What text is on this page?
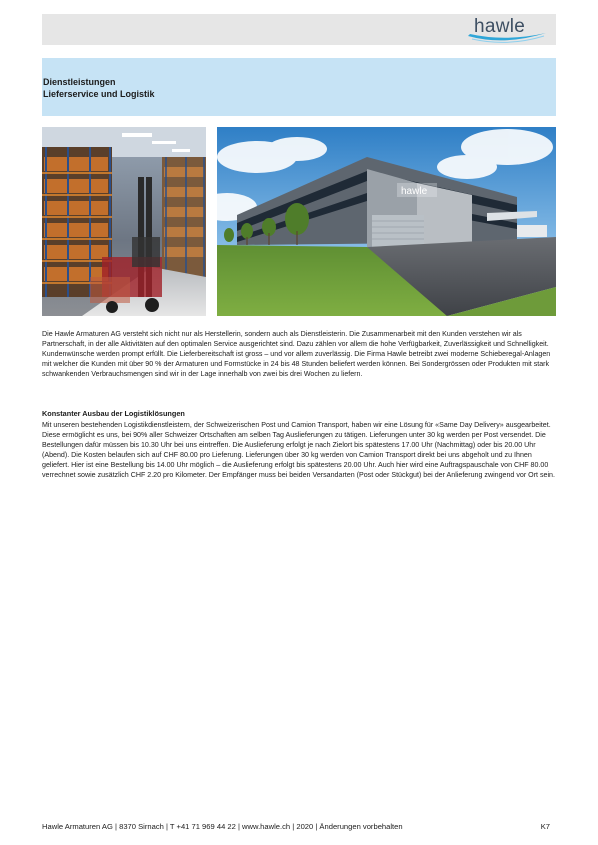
hawle
Dienstleistungen
Lieferservice und Logistik
hawle
Die Hawle Armaturen AG versteht sich nicht nur als Herstellerin, sondern auch als Dienstleisterin. Die Zusammenarbeit mit den Kunden verstehen wir als Partnerschaft, in der alle Aktivitäten auf den optimalen Service ausgerichtet sind. Dazu zählen vor allem die hohe Verfügbarkeit, Zuverlässigkeit und Schnelligkeit. Kundenwünsche werden prompt erfüllt. Die Lieferbereitschaft ist gross – und vor allem zuverlässig. Die Firma Hawle betreibt zwei moderne Schieberegal-Anlagen mit welcher die Kunden mit über 90 % der Armaturen und Formstücke in 24 bis 48 Stunden beliefert werden können. Bei Sondergrössen oder Produkten mit stark schwankenden Verbrauchsmengen sind wir in der Lage innerhalb von zwei bis drei Wochen zu liefern.
Konstanter Ausbau der Logistiklösungen
Mit unseren bestehenden Logistikdienstleistern, der Schweizerischen Post und Camion Transport, haben wir eine Lösung für «Same Day Delivery» ausgearbeitet. Diese ermöglicht es uns, bei 90% aller Schweizer Ortschaften am selben Tag Auslieferungen zu tätigen. Lieferungen unter 30 kg werden per Post versendet. Die Bestellungen dafür müssen bis 10.30 Uhr bei uns eintreffen. Die Auslieferung erfolgt je nach Zielort bis spätestens 17.00 Uhr (Nachmittag) oder bis 20.00 Uhr (Abend). Die Kosten belaufen sich auf CHF 80.00 pro Lieferung. Lieferungen über 30 kg werden von Camion Transport direkt bei uns abgeholt und zu Ihnen geliefert. Hier ist eine Bestellung bis 14.00 Uhr möglich – die Auslieferung erfolgt bis spätestens 20.00 Uhr. Auch hier wird eine Auftragspauschale von CHF 80.00 verrechnet sowie zusätzlich CHF 2.20 pro Kilometer. Der Empfänger muss bei beiden Versandarten (Post oder Stückgut) bei der Anlieferung zwingend vor Ort sein.
Hawle Armaturen AG | 8370 Sirnach | T +41 71 969 44 22 | www.hawle.ch | 2020 | Änderungen vorbehalten	K7
